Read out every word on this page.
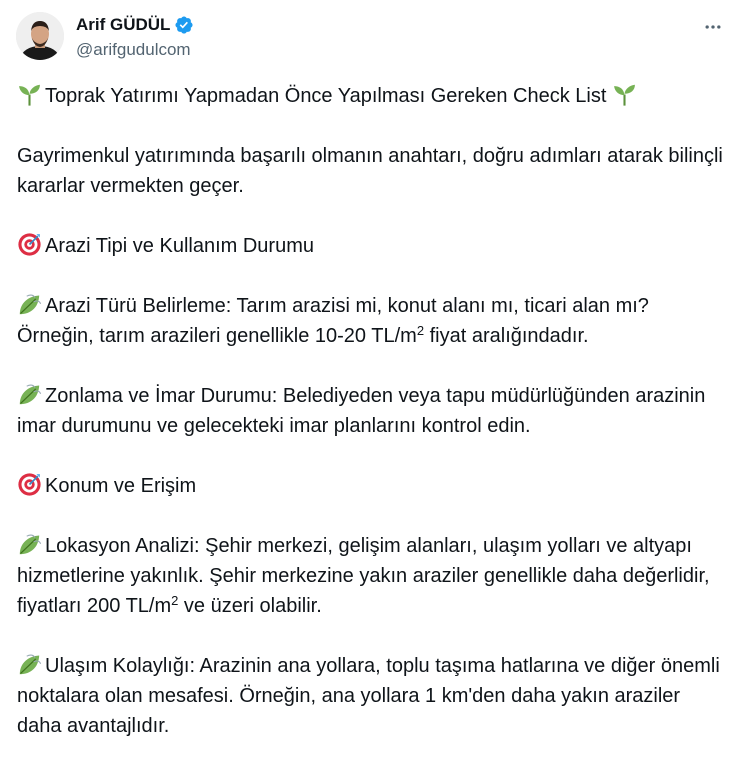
Arif GÜDÜL
@arifgudulcom

Toprak Yatırımı Yapmadan Önce Yapılması Gereken Check List

Gayrimenkul yatırımında başarılı olmanın anahtarı, doğru adımları atarak bilinçli kararlar vermekten geçer.

Arazi Tipi ve Kullanım Durumu

Arazi Türü Belirleme: Tarım arazisi mi, konut alanı mı, ticari alan mı? Örneğin, tarım arazileri genellikle 10-20 $TL/m^2$ fiyat aralığındadır.

Zonlama ve İmar Durumu: Belediyeden veya tapu müdürlüğünden arazinin imar durumunu ve gelecekteki imar planlarını kontrol edin.

Konum ve Erişim

Lokasyon Analizi: Şehir merkezi, gelişim alanları, ulaşım yolları ve altyapı hizmetlerine yakınlık. Şehir merkezine yakın araziler genellikle daha değerlidir, fiyatları 200 $TL/m^2$ ve üzeri olabilir.

Ulaşım Kolaylığı: Arazinin ana yollara, toplu taşıma hatlarına ve diğer önemli noktalara olan mesafesi. Örneğin, ana yollara 1 km'den daha yakın araziler daha avantajlıdır.
